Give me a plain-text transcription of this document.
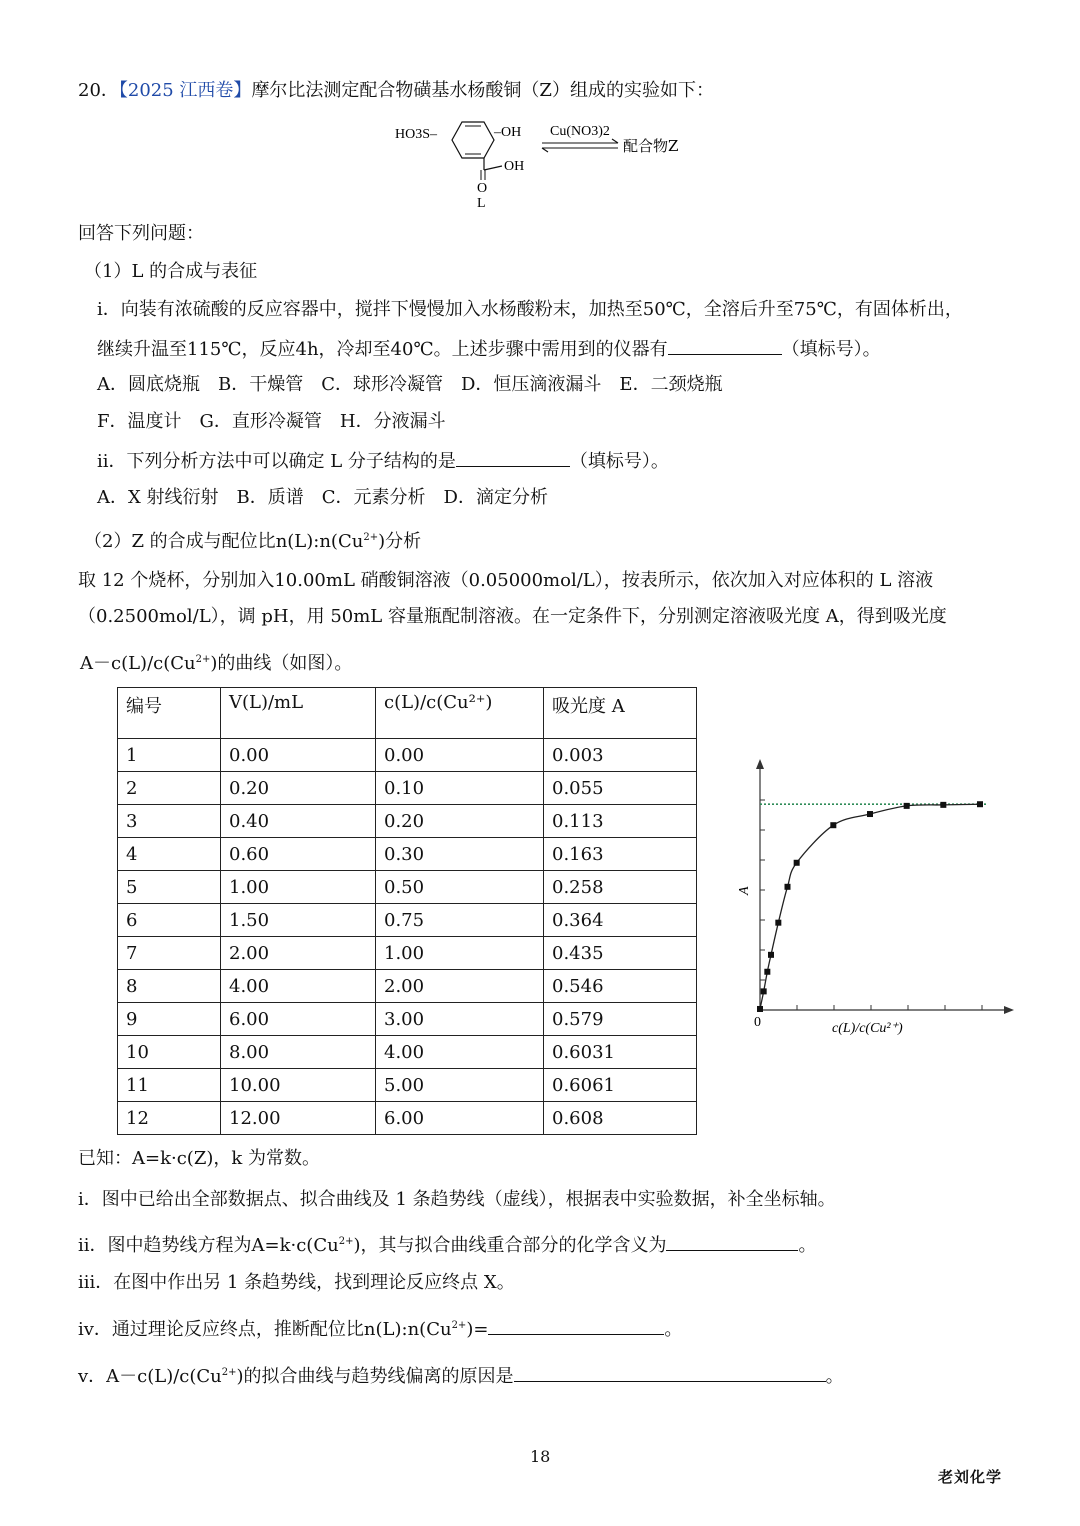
20．【2025 江西卷】摩尔比法测定配合物磺基水杨酸铜（Z）组成的实验如下：
HO3S–	–OH
OH
O
L
Cu(NO3)2
配合物Z
回答下列问题：
（1）L 的合成与表征
i．向装有浓硫酸的反应容器中，搅拌下慢慢加入水杨酸粉末，加热至50℃，全溶后升至75℃，有固体析出，
继续升温至115℃，反应4h，冷却至40℃。上述步骤中需用到的仪器有	（填标号）。
A．圆底烧瓶　B．干燥管　C．球形冷凝管　D．恒压滴液漏斗　E．二颈烧瓶
F．温度计　G．直形冷凝管　H．分液漏斗
ii．下列分析方法中可以确定 L 分子结构的是	（填标号）。
A．X 射线衍射　B．质谱　C．元素分析　D．滴定分析
（2）Z 的合成与配位比$n(L):n(Cu^{2+})$分析
取 12 个烧杯，分别加入10.00mL 硝酸铜溶液（0.05000mol/L），按表所示，依次加入对应体积的 L 溶液
（0.2500mol/L），调 pH，用 50mL 容量瓶配制溶液。在一定条件下，分别测定溶液吸光度 A，得到吸光度
$A-c(L)/c(Cu^{2+})$的曲线（如图）。
编号	V(L)/mL	c(L)/c(Cu²⁺)	吸光度 A
1	0.00	0.00	0.003
2	0.20	0.10	0.055
3	0.40	0.20	0.113
4	0.60	0.30	0.163
5	1.00	0.50	0.258
6	1.50	0.75	0.364
7	2.00	1.00	0.435
8	4.00	2.00	0.546
9	6.00	3.00	0.579
10	8.00	4.00	0.6031
11	10.00	5.00	0.6061
12	12.00	6.00	0.608
0	c(L)/c(Cu²⁺)
A
已知：A=k·c(Z)，k 为常数。
i．图中已给出全部数据点、拟合曲线及 1 条趋势线（虚线），根据表中实验数据，补全坐标轴。
ii．图中趋势线方程为$A=k\cdot c(Cu^{2+})$，其与拟合曲线重合部分的化学含义为	。
iii．在图中作出另 1 条趋势线，找到理论反应终点 X。
iv．通过理论反应终点，推断配位比$n(L):n(Cu^{2+})=$	。
v．$A-c(L)/c(Cu^{2+})$的拟合曲线与趋势线偏离的原因是	。
18
老刘化学
